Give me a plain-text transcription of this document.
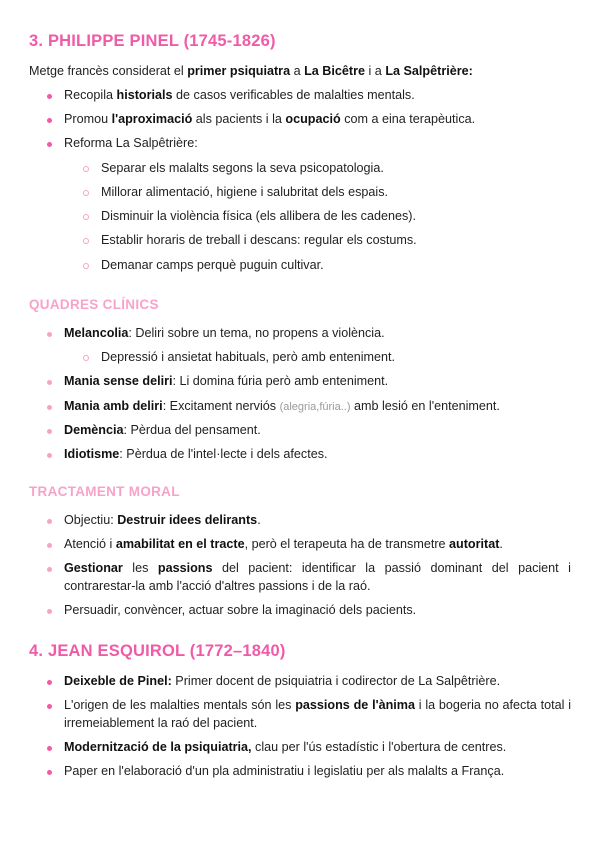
3. PHILIPPE PINEL (1745-1826)

Metge francès considerat el primer psiquiatra a La Bicêtre i a La Salpêtrière:

Recopila historials de casos verificables de malalties mentals.
Promou l'aproximació als pacients i la ocupació com a eina terapèutica.
Reforma La Salpêtrière:
Separar els malalts segons la seva psicopatologia.
Millorar alimentació, higiene i salubritat dels espais.
Disminuir la violència física (els allibera de les cadenes).
Establir horaris de treball i descans: regular els costums.
Demanar camps perquè puguin cultivar.
QUADRES CLÍNICS
Melancolia: Deliri sobre un tema, no propens a violència.
Depressió i ansietat habituals, però amb enteniment.
Mania sense deliri: Li domina fúria però amb enteniment.
Mania amb deliri: Excitament nerviós (alegria,fúria..) amb lesió en l'enteniment.
Demència: Pèrdua del pensament.
Idiotisme: Pèrdua de l'intel·lecte i dels afectes.
TRACTAMENT MORAL
Objectiu: Destruir idees delirants.
Atenció i amabilitat en el tracte, però el terapeuta ha de transmetre autoritat.
Gestionar les passions del pacient: identificar la passió dominant del pacient i contrarestar-la amb l'acció d'altres passions i de la raó.
Persuadir, convèncer, actuar sobre la imaginació dels pacients.
4. JEAN ESQUIROL (1772–1840)
Deixeble de Pinel: Primer docent de psiquiatria i codirector de La Salpêtrière.
L'origen de les malalties mentals són les passions de l'ànima i la bogeria no afecta total i irremeiablement la raó del pacient.
Modernització de la psiquiatria, clau per l'ús estadístic i l'obertura de centres.
Paper en l'elaboració d'un pla administratiu i legislatiu per als malalts a França.
